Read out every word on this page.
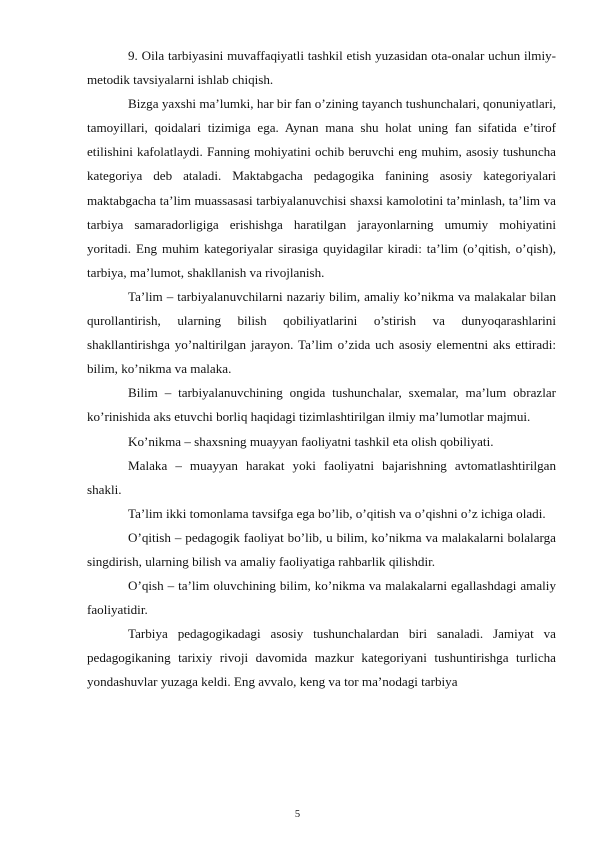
9. Oila tarbiyasini muvaffaqiyatli tashkil etish yuzasidan ota-onalar uchun ilmiy-metodik tavsiyalarni ishlab chiqish.

Bizga yaxshi ma’lumki, har bir fan o’zining tayanch tushunchalari, qonuniyatlari, tamoyillari, qoidalari tizimiga ega. Aynan mana shu holat uning fan sifatida e’tirof etilishini kafolatlaydi. Fanning mohiyatini ochib beruvchi eng muhim, asosiy tushuncha kategoriya deb ataladi. Maktabgacha pedagogika fanining asosiy kategoriyalari maktabgacha ta’lim muassasasi tarbiyalanuvchisi shaxsi kamolotini ta’minlash, ta’lim va tarbiya samaradorligiga erishishga haratilgan jarayonlarning umumiy mohiyatini yoritadi. Eng muhim kategoriyalar sirasiga quyidagilar kiradi: ta’lim (o’qitish, o’qish), tarbiya, ma’lumot, shakllanish va rivojlanish.

Ta’lim – tarbiyalanuvchilarni nazariy bilim, amaliy ko’nikma va malakalar bilan qurollantirish, ularning bilish qobiliyatlarini o’stirish va dunyoqarashlarini shakllantirishga yo’naltirilgan jarayon. Ta’lim o’zida uch asosiy elementni aks ettiradi: bilim, ko’nikma va malaka.

Bilim – tarbiyalanuvchining ongida tushunchalar, sxemalar, ma’lum obrazlar ko’rinishida aks etuvchi borliq haqidagi tizimlashtirilgan ilmiy ma’lumotlar majmui.

Ko’nikma – shaxsning muayyan faoliyatni tashkil eta olish qobiliyati.

Malaka – muayyan harakat yoki faoliyatni bajarishning avtomatlashtirilgan shakli.

Ta’lim ikki tomonlama tavsifga ega bo’lib, o’qitish va o’qishni o’z ichiga oladi.

O’qitish – pedagogik faoliyat bo’lib, u bilim, ko’nikma va malakalarni bolalarga singdirish, ularning bilish va amaliy faoliyatiga rahbarlik qilishdir.

O’qish – ta’lim oluvchining bilim, ko’nikma va malakalarni egallashdagi amaliy faoliyatidir.

Tarbiya pedagogikadagi asosiy tushunchalardan biri sanaladi. Jamiyat va pedagogikaning tarixiy rivoji davomida mazkur kategoriyani tushuntirishga turlicha yondashuvlar yuzaga keldi. Eng avvalo, keng va tor ma’nodagi tarbiya

5
